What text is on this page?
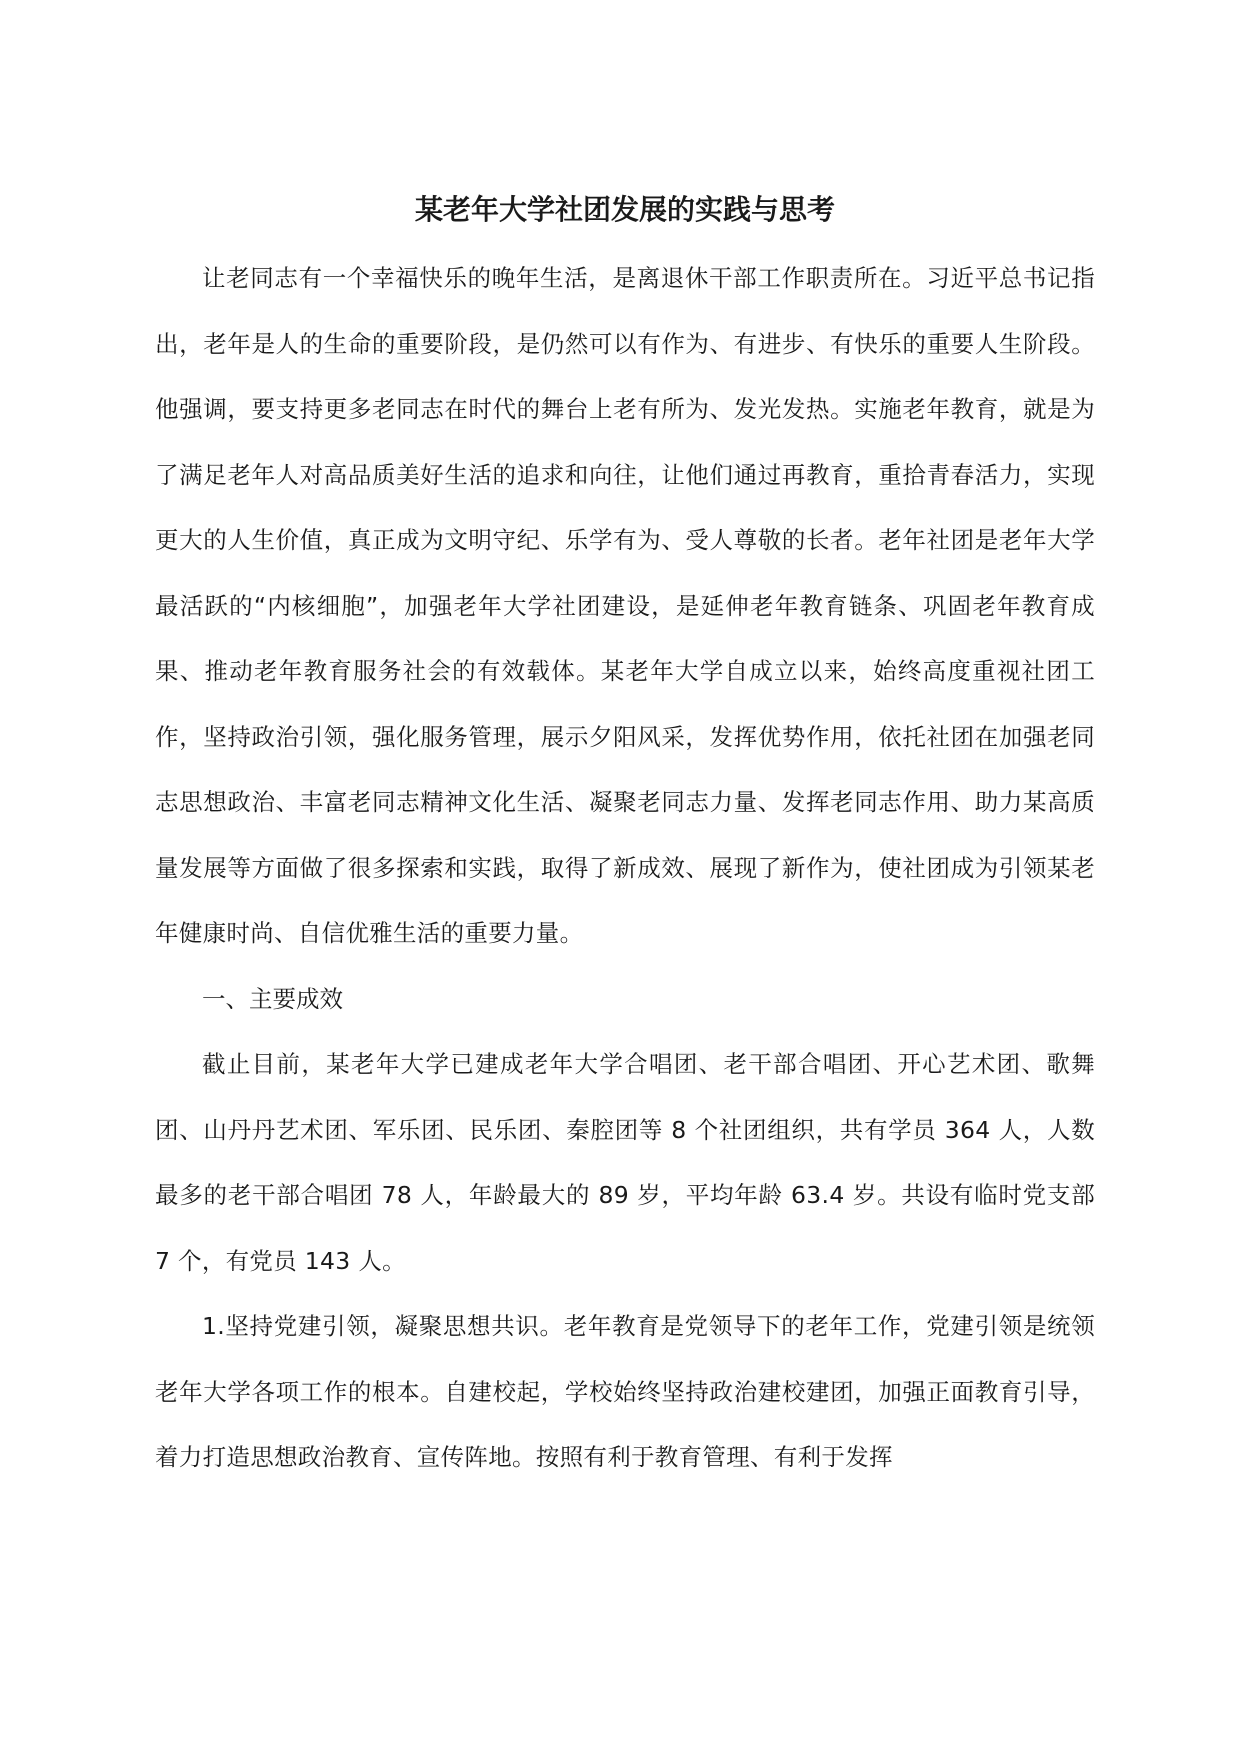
某老年大学社团发展的实践与思考

让老同志有一个幸福快乐的晚年生活，是离退休干部工作职责所在。习近平总书记指出，老年是人的生命的重要阶段，是仍然可以有作为、有进步、有快乐的重要人生阶段。他强调，要支持更多老同志在时代的舞台上老有所为、发光发热。实施老年教育，就是为了满足老年人对高品质美好生活的追求和向往，让他们通过再教育，重拾青春活力，实现更大的人生价值，真正成为文明守纪、乐学有为、受人尊敬的长者。老年社团是老年大学最活跃的“内核细胞”，加强老年大学社团建设，是延伸老年教育链条、巩固老年教育成果、推动老年教育服务社会的有效载体。某老年大学自成立以来，始终高度重视社团工作，坚持政治引领，强化服务管理，展示夕阳风采，发挥优势作用，依托社团在加强老同志思想政治、丰富老同志精神文化生活、凝聚老同志力量、发挥老同志作用、助力某高质量发展等方面做了很多探索和实践，取得了新成效、展现了新作为，使社团成为引领某老年健康时尚、自信优雅生活的重要力量。

一、主要成效

截止目前，某老年大学已建成老年大学合唱团、老干部合唱团、开心艺术团、歌舞团、山丹丹艺术团、军乐团、民乐团、秦腔团等 8 个社团组织，共有学员 364 人，人数最多的老干部合唱团 78 人，年龄最大的 89 岁，平均年龄 63.4 岁。共设有临时党支部 7 个，有党员 143 人。

1.坚持党建引领，凝聚思想共识。老年教育是党领导下的老年工作，党建引领是统领老年大学各项工作的根本。自建校起，学校始终坚持政治建校建团，加强正面教育引导，着力打造思想政治教育、宣传阵地。按照有利于教育管理、有利于发挥
